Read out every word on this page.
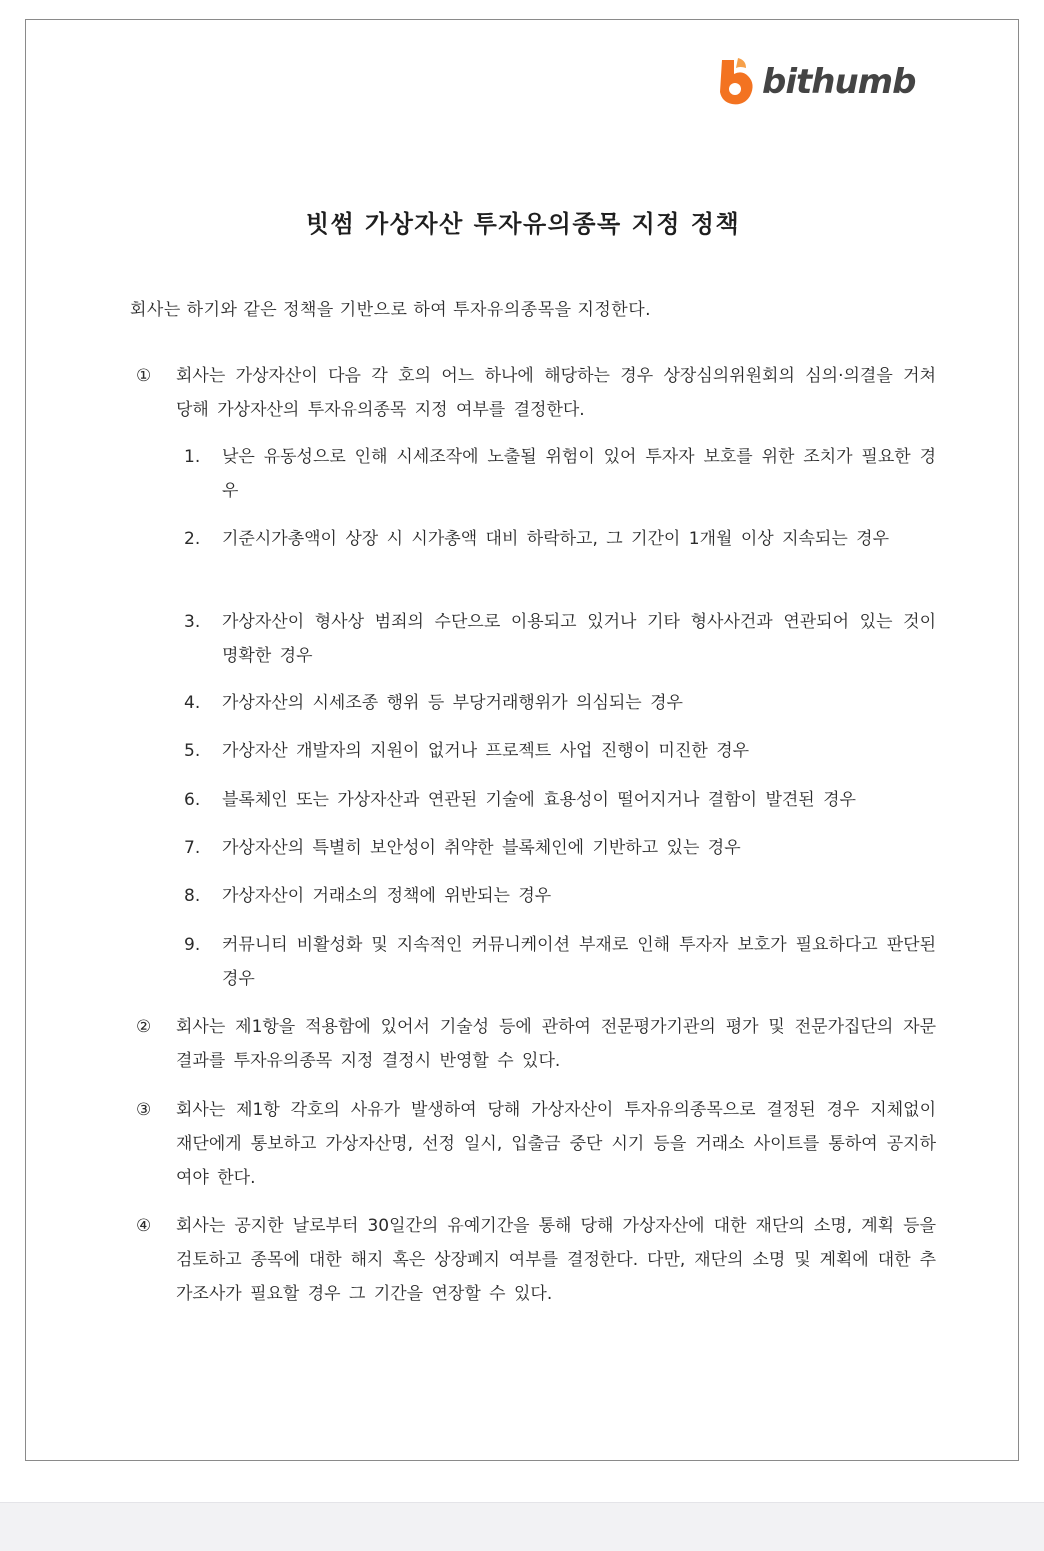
bithumb
빗썸 가상자산 투자유의종목 지정 정책
회사는 하기와 같은 정책을 기반으로 하여 투자유의종목을 지정한다.
①	회사는 가상자산이 다음 각 호의 어느 하나에 해당하는 경우 상장심의위원회의 심의·의결을 거쳐 당해 가상자산의 투자유의종목 지정 여부를 결정한다.
1.	낮은 유동성으로 인해 시세조작에 노출될 위험이 있어 투자자 보호를 위한 조치가 필요한 경우
2.	기준시가총액이 상장 시 시가총액 대비 하락하고, 그 기간이 1개월 이상 지속되는 경우
3.	가상자산이 형사상 범죄의 수단으로 이용되고 있거나 기타 형사사건과 연관되어 있는 것이 명확한 경우
4.	가상자산의 시세조종 행위 등 부당거래행위가 의심되는 경우
5.	가상자산 개발자의 지원이 없거나 프로젝트 사업 진행이 미진한 경우
6.	블록체인 또는 가상자산과 연관된 기술에 효용성이 떨어지거나 결함이 발견된 경우
7.	가상자산의 특별히 보안성이 취약한 블록체인에 기반하고 있는 경우
8.	가상자산이 거래소의 정책에 위반되는 경우
9.	커뮤니티 비활성화 및 지속적인 커뮤니케이션 부재로 인해 투자자 보호가 필요하다고 판단된 경우
②	회사는 제1항을 적용함에 있어서 기술성 등에 관하여 전문평가기관의 평가 및 전문가집단의 자문 결과를 투자유의종목 지정 결정시 반영할 수 있다.
③	회사는 제1항 각호의 사유가 발생하여 당해 가상자산이 투자유의종목으로 결정된 경우 지체없이 재단에게 통보하고 가상자산명, 선정 일시, 입출금 중단 시기 등을 거래소 사이트를 통하여 공지하여야 한다.
④	회사는 공지한 날로부터 30일간의 유예기간을 통해 당해 가상자산에 대한 재단의 소명, 계획 등을 검토하고 종목에 대한 해지 혹은 상장폐지 여부를 결정한다. 다만, 재단의 소명 및 계획에 대한 추가조사가 필요할 경우 그 기간을 연장할 수 있다.
